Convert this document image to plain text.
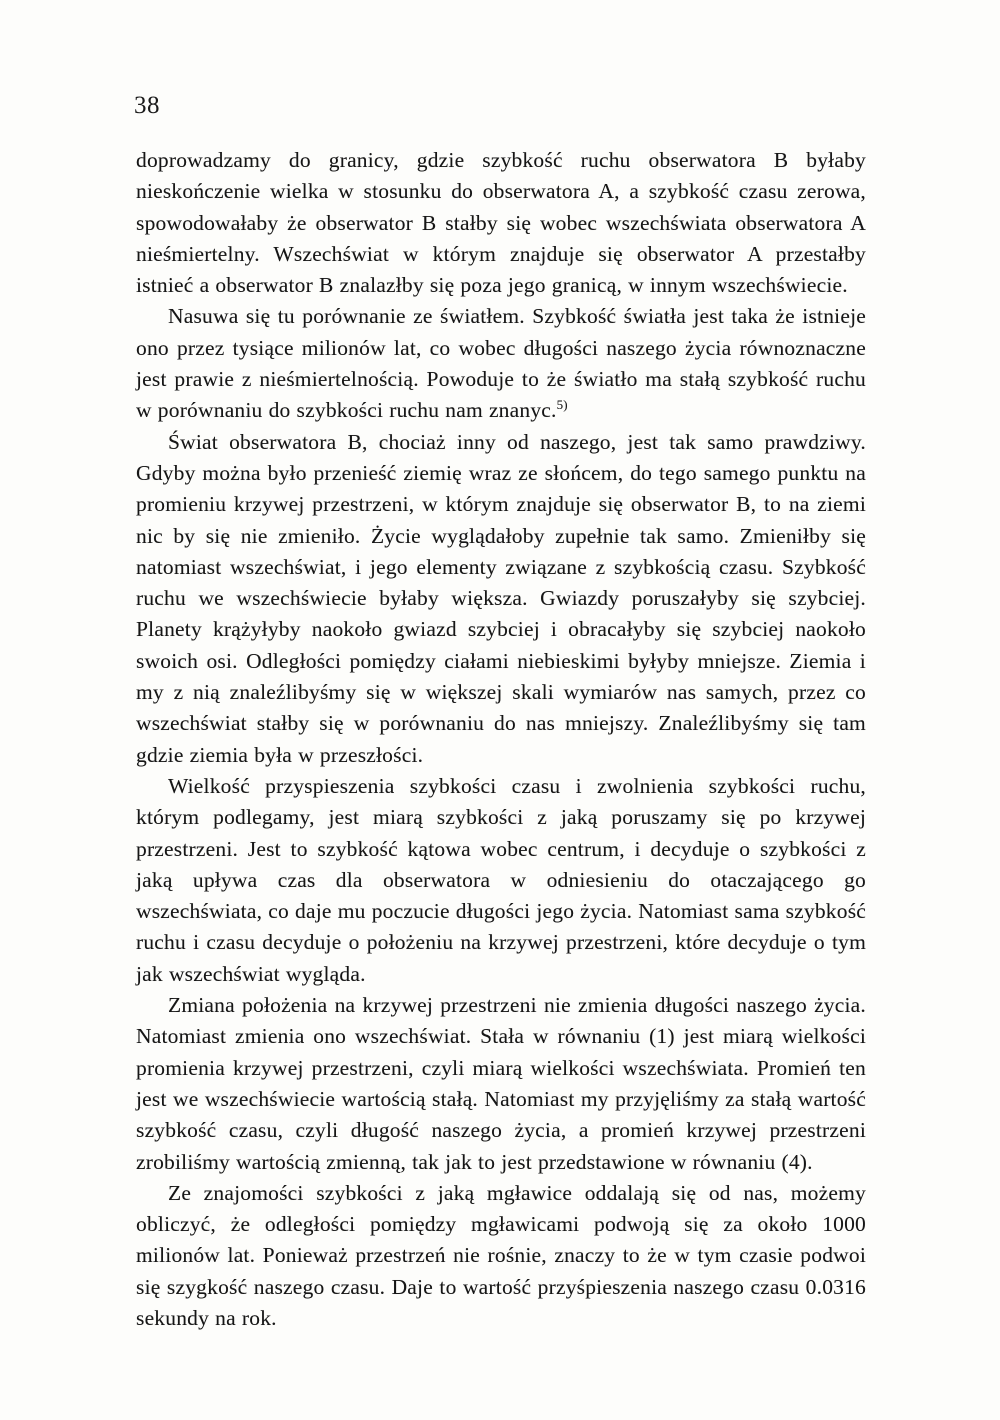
38

doprowadzamy do granicy, gdzie szybkość ruchu obserwatora B byłaby nieskończenie wielka w stosunku do obserwatora A, a szybkość czasu zerowa, spowodowałaby że obserwator B stałby się wobec wszechświata obserwatora A nieśmiertelny. Wszechświat w którym znajduje się obserwator A przestałby istnieć a obserwator B znalazłby się poza jego granicą, w innym wszechświecie.

Nasuwa się tu porównanie ze światłem. Szybkość światła jest taka że istnieje ono przez tysiące milionów lat, co wobec długości naszego życia równoznaczne jest prawie z nieśmiertelnością. Powoduje to że światło ma stałą szybkość ruchu w porównaniu do szybkości ruchu nam znanyc.$^{5)}$

Świat obserwatora B, chociaż inny od naszego, jest tak samo prawdziwy. Gdyby można było przenieść ziemię wraz ze słońcem, do tego samego punktu na promieniu krzywej przestrzeni, w którym znajduje się obserwator B, to na ziemi nic by się nie zmieniło. Życie wyglądałoby zupełnie tak samo. Zmieniłby się natomiast wszechświat, i jego elementy związane z szybkością czasu. Szybkość ruchu we wszechświecie byłaby większa. Gwiazdy poruszałyby się szybciej. Planety krążyłyby naokoło gwiazd szybciej i obracałyby się szybciej naokoło swoich osi. Odległości pomiędzy ciałami niebieskimi byłyby mniejsze. Ziemia i my z nią znaleźlibyśmy się w większej skali wymiarów nas samych, przez co wszechświat stałby się w porównaniu do nas mniejszy. Znaleźlibyśmy się tam gdzie ziemia była w przeszłości.

Wielkość przyspieszenia szybkości czasu i zwolnienia szybkości ruchu, którym podlegamy, jest miarą szybkości z jaką poruszamy się po krzywej przestrzeni. Jest to szybkość kątowa wobec centrum, i decyduje o szybkości z jaką upływa czas dla obserwatora w odniesieniu do otaczającego go wszechświata, co daje mu poczucie długości jego życia. Natomiast sama szybkość ruchu i czasu decyduje o położeniu na krzywej przestrzeni, które decyduje o tym jak wszechświat wygląda.

Zmiana położenia na krzywej przestrzeni nie zmienia długości naszego życia. Natomiast zmienia ono wszechświat. Stała w równaniu (1) jest miarą wielkości promienia krzywej przestrzeni, czyli miarą wielkości wszechświata. Promień ten jest we wszechświecie wartością stałą. Natomiast my przyjęliśmy za stałą wartość szybkość czasu, czyli długość naszego życia, a promień krzywej przestrzeni zrobiliśmy wartością zmienną, tak jak to jest przedstawione w równaniu (4).

Ze znajomości szybkości z jaką mgławice oddalają się od nas, możemy obliczyć, że odległości pomiędzy mgławicami podwoją się za około 1000 milionów lat. Ponieważ przestrzeń nie rośnie, znaczy to że w tym czasie podwoi się szygkość naszego czasu. Daje to wartość przyśpieszenia naszego czasu 0.0316 sekundy na rok.
